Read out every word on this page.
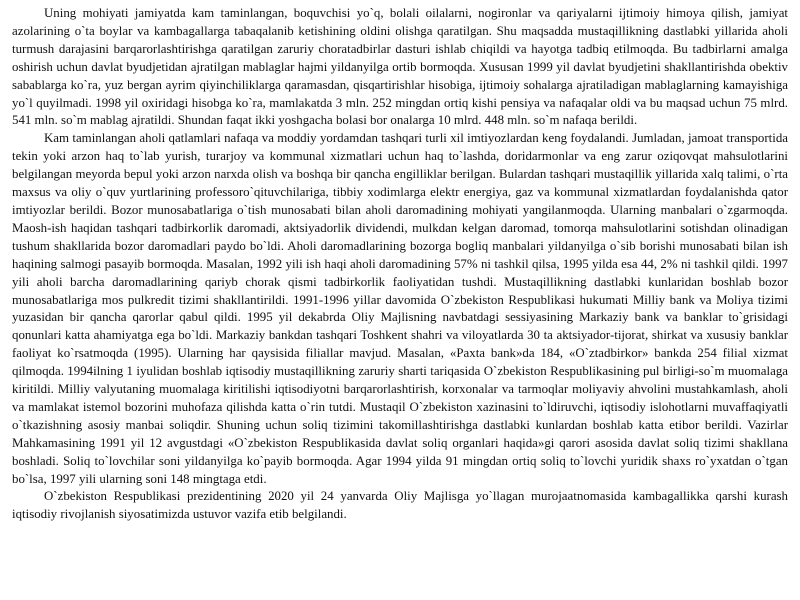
Uning mohiyati jamiyatda kam taminlangan, boquvchisi yo`q, bolali oilalarni, nogironlar va qariyalarni ijtimoiy himoya qilish, jamiyat azolarining o`ta boylar va kambagallarga tabaqalanib ketishining oldini olishga qaratilgan. Shu maqsadda mustaqillikning dastlabki yillarida aholi turmush darajasini barqarorlashtirishga qaratilgan zaruriy choratadbirlar dasturi ishlab chiqildi va hayotga tadbiq etilmoqda. Bu tadbirlarni amalga oshirish uchun davlat byudjetidan ajratilgan mablaglar hajmi yildanyilga ortib bormoqda. Xususan 1999 yil davlat byudjetini shakllantirishda obektiv sabablarga ko`ra, yuz bergan ayrim qiyinchiliklarga qaramasdan, qisqartirishlar hisobiga, ijtimoiy sohalarga ajratiladigan mablaglarning kamayishiga yo`l quyilmadi. 1998 yil oxiridagi hisobga ko`ra, mamlakatda 3 mln. 252 mingdan ortiq kishi pensiya va nafaqalar oldi va bu maqsad uchun 75 mlrd. 541 mln. so`m mablag ajratildi. Shundan faqat ikki yoshgacha bolasi bor onalarga 10 mlrd. 448 mln. so`m nafaqa berildi.

Kam taminlangan aholi qatlamlari nafaqa va moddiy yordamdan tashqari turli xil imtiyozlardan keng foydalandi. Jumladan, jamoat transportida tekin yoki arzon haq to`lab yurish, turarjoy va kommunal xizmatlari uchun haq to`lashda, doridarmonlar va eng zarur oziqovqat mahsulotlarini belgilangan meyorda bepul yoki arzon narxda olish va boshqa bir qancha engilliklar berilgan. Bulardan tashqari mustaqillik yillarida xalq talimi, o`rta maxsus va oliy o`quv yurtlarining professoro`qituvchilariga, tibbiy xodimlarga elektr energiya, gaz va kommunal xizmatlardan foydalanishda qator imtiyozlar berildi. Bozor munosabatlariga o`tish munosabati bilan aholi daromadining mohiyati yangilanmoqda. Ularning manbalari o`zgarmoqda. Maosh-ish haqidan tashqari tadbirkorlik daromadi, aktsiyadorlik dividendi, mulkdan kelgan daromad, tomorqa mahsulotlarini sotishdan olinadigan tushum shakllarida bozor daromadlari paydo bo`ldi. Aholi daromadlarining bozorga bogliq manbalari yildanyilga o`sib borishi munosabati bilan ish haqining salmogi pasayib bormoqda. Masalan, 1992 yili ish haqi aholi daromadining 57% ni tashkil qilsa, 1995 yilda esa 44, 2% ni tashkil qildi. 1997 yili aholi barcha daromadlarining qariyb chorak qismi tadbirkorlik faoliyatidan tushdi. Mustaqillikning dastlabki kunlaridan boshlab bozor munosabatlariga mos pulkredit tizimi shakllantirildi. 1991-1996 yillar davomida O`zbekiston Respublikasi hukumati Milliy bank va Moliya tizimi yuzasidan bir qancha qarorlar qabul qildi. 1995 yil dekabrda Oliy Majlisning navbatdagi sessiyasining Markaziy bank va banklar to`grisidagi qonunlari katta ahamiyatga ega bo`ldi. Markaziy bankdan tashqari Toshkent shahri va viloyatlarda 30 ta aktsiyador-tijorat, shirkat va xususiy banklar faoliyat ko`rsatmoqda (1995). Ularning har qaysisida filiallar mavjud. Masalan, «Paxta bank»da 184, «O`ztadbirkor» bankda 254 filial xizmat qilmoqda. 1994ilning 1 iyulidan boshlab iqtisodiy mustaqillikning zaruriy sharti tariqasida O`zbekiston Respublikasining pul birligi-so`m muomalaga kiritildi. Milliy valyutaning muomalaga kiritilishi iqtisodiyotni barqarorlashtirish, korxonalar va tarmoqlar moliyaviy ahvolini mustahkamlash, aholi va mamlakat istemol bozorini muhofaza qilishda katta o`rin tutdi. Mustaqil O`zbekiston xazinasini to`ldiruvchi, iqtisodiy islohotlarni muvaffaqiyatli o`tkazishning asosiy manbai soliqdir. Shuning uchun soliq tizimini takomillashtirishga dastlabki kunlardan boshlab katta etibor berildi. Vazirlar Mahkamasining 1991 yil 12 avgustdagi «O`zbekiston Respublikasida davlat soliq organlari haqida»gi qarori asosida davlat soliq tizimi shakllana boshladi. Soliq to`lovchilar soni yildanyilga ko`payib bormoqda. Agar 1994 yilda 91 mingdan ortiq soliq to`lovchi yuridik shaxs ro`yxatdan o`tgan bo`lsa, 1997 yili ularning soni 148 mingtaga etdi.

O`zbekiston Respublikasi prezidentining 2020 yil 24 yanvarda Oliy Majlisga yo`llagan murojaatnomasida kambagallikka qarshi kurash iqtisodiy rivojlanish siyosatimizda ustuvor vazifa etib belgilandi.
